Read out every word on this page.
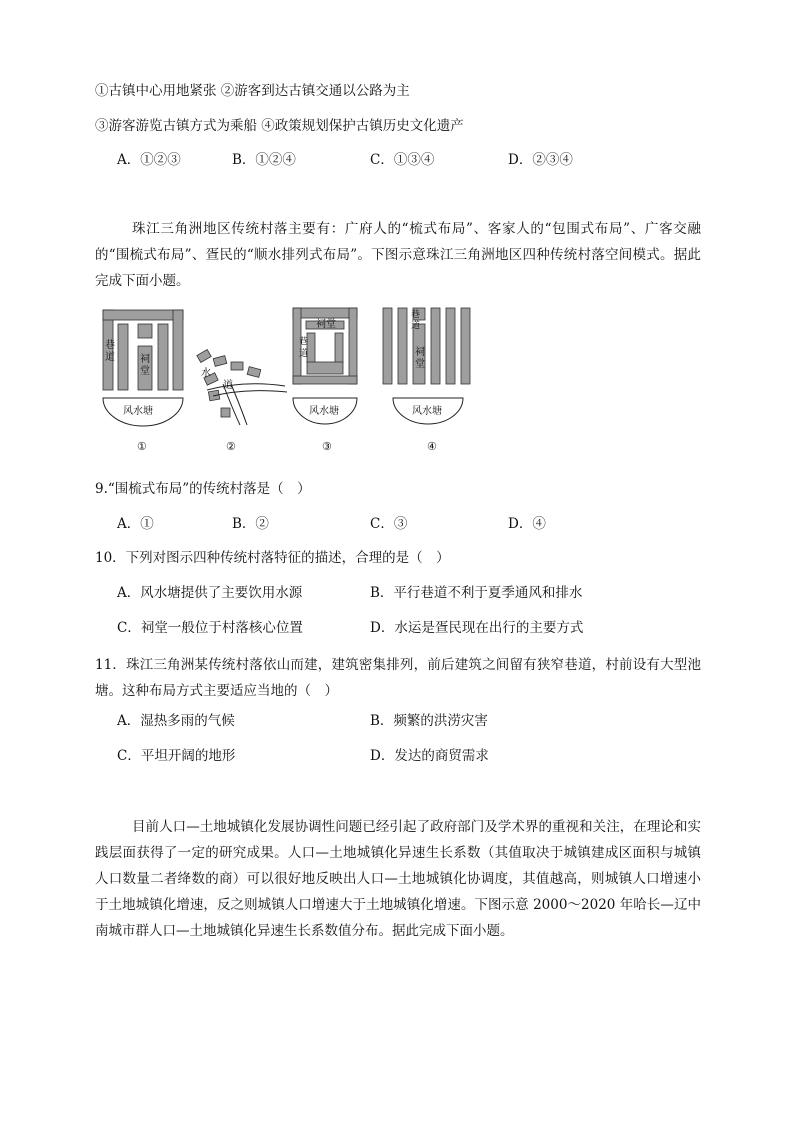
①古镇中心用地紧张 ②游客到达古镇交通以公路为主
③游客游览古镇方式为乘船 ④政策规划保护古镇历史文化遗产
A．①②③	B．①②④	C．①③④	D．②③④
珠江三角洲地区传统村落主要有：广府人的“梳式布局”、客家人的“包围式布局”、广客交融的“围梳式布局”、疍民的“顺水排列式布局”。下图示意珠江三角洲地区四种传统村落空间模式。据此完成下面小题。
巷
道	祠
堂	水
道
祠堂
巷
道
巷
道
祠
堂
风水塘	风水塘	风水塘
①	②	③	④
9.“围梳式布局”的传统村落是（　）
A．①	B．②	C．③	D．④
10．下列对图示四种传统村落特征的描述，合理的是（　）
A．风水塘提供了主要饮用水源	B．平行巷道不利于夏季通风和排水
C．祠堂一般位于村落核心位置	D．水运是疍民现在出行的主要方式
11．珠江三角洲某传统村落依山而建，建筑密集排列，前后建筑之间留有狭窄巷道，村前设有大型池塘。这种布局方式主要适应当地的（　）
A．湿热多雨的气候	B．频繁的洪涝灾害
C．平坦开阔的地形	D．发达的商贸需求
目前人口—土地城镇化发展协调性问题已经引起了政府部门及学术界的重视和关注，在理论和实践层面获得了一定的研究成果。人口—土地城镇化异速生长系数（其值取决于城镇建成区面积与城镇人口数量二者绛数的商）可以很好地反映出人口—土地城镇化协调度，其值越高，则城镇人口增速小于土地城镇化增速，反之则城镇人口增速大于土地城镇化增速。下图示意 2000～2020 年哈长—辽中南城市群人口—土地城镇化异速生长系数值分布。据此完成下面小题。
